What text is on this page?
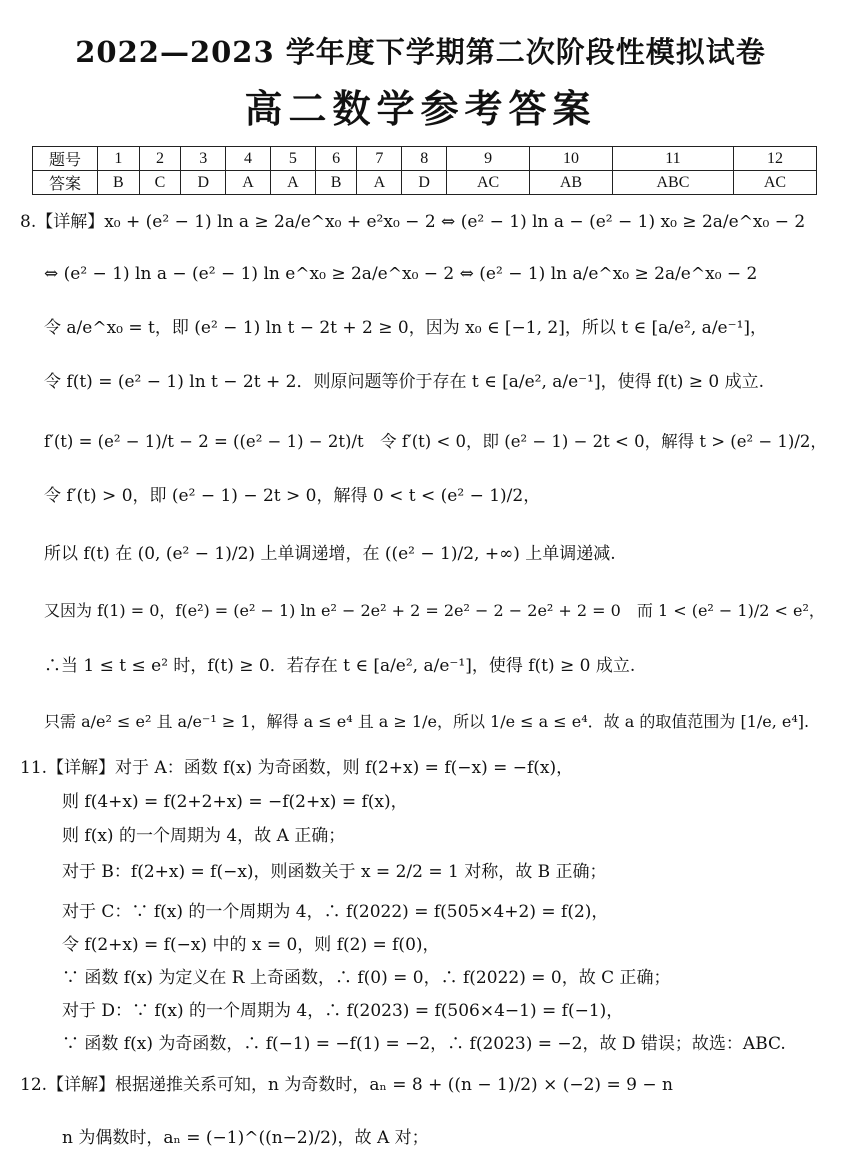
2022—2023 学年度下学期第二次阶段性模拟试卷
高二数学参考答案
题号	1	2	3	4	5	6	7	8	9	10	11	12
答案	B	C	D	A	A	B	A	D	AC	AB	ABC	AC
8.【详解】x₀ + (e² − 1) ln a ≥ 2a/e^x₀ + e²x₀ − 2 ⇔ (e² − 1) ln a − (e² − 1) x₀ ≥ 2a/e^x₀ − 2
⇔ (e² − 1) ln a − (e² − 1) ln e^x₀ ≥ 2a/e^x₀ − 2 ⇔ (e² − 1) ln a/e^x₀ ≥ 2a/e^x₀ − 2
令 a/e^x₀ = t，即 (e² − 1) ln t − 2t + 2 ≥ 0，因为 x₀ ∈ [−1, 2]，所以 t ∈ [a/e², a/e⁻¹]，
令 f(t) = (e² − 1) ln t − 2t + 2．则原问题等价于存在 t ∈ [a/e², a/e⁻¹]，使得 f(t) ≥ 0 成立.
f′(t) = (e² − 1)/t − 2 = ((e² − 1) − 2t)/t　令 f′(t) < 0，即 (e² − 1) − 2t < 0，解得 t > (e² − 1)/2，
令 f′(t) > 0，即 (e² − 1) − 2t > 0，解得 0 < t < (e² − 1)/2，
所以 f(t) 在 (0, (e² − 1)/2) 上单调递增，在 ((e² − 1)/2, +∞) 上单调递减.
又因为 f(1) = 0，f(e²) = (e² − 1) ln e² − 2e² + 2 = 2e² − 2 − 2e² + 2 = 0　而 1 < (e² − 1)/2 < e²，
∴当 1 ≤ t ≤ e² 时，f(t) ≥ 0．若存在 t ∈ [a/e², a/e⁻¹]，使得 f(t) ≥ 0 成立.
只需 a/e² ≤ e² 且 a/e⁻¹ ≥ 1，解得 a ≤ e⁴ 且 a ≥ 1/e，所以 1/e ≤ a ≤ e⁴．故 a 的取值范围为 [1/e, e⁴].
11.【详解】对于 A：函数 f(x) 为奇函数，则 f(2+x) = f(−x) = −f(x)，
则 f(4+x) = f(2+2+x) = −f(2+x) = f(x)，
则 f(x) 的一个周期为 4，故 A 正确；
对于 B：f(2+x) = f(−x)，则函数关于 x = 2/2 = 1 对称，故 B 正确；
对于 C：∵ f(x) 的一个周期为 4，∴ f(2022) = f(505×4+2) = f(2)，
令 f(2+x) = f(−x) 中的 x = 0，则 f(2) = f(0)，
∵ 函数 f(x) 为定义在 R 上奇函数，∴ f(0) = 0，∴ f(2022) = 0，故 C 正确；
对于 D：∵ f(x) 的一个周期为 4，∴ f(2023) = f(506×4−1) = f(−1)，
∵ 函数 f(x) 为奇函数，∴ f(−1) = −f(1) = −2，∴ f(2023) = −2，故 D 错误；故选：ABC.
12.【详解】根据递推关系可知，n 为奇数时，aₙ = 8 + ((n − 1)/2) × (−2) = 9 − n
n 为偶数时，aₙ = (−1)^((n−2)/2)，故 A 对；
